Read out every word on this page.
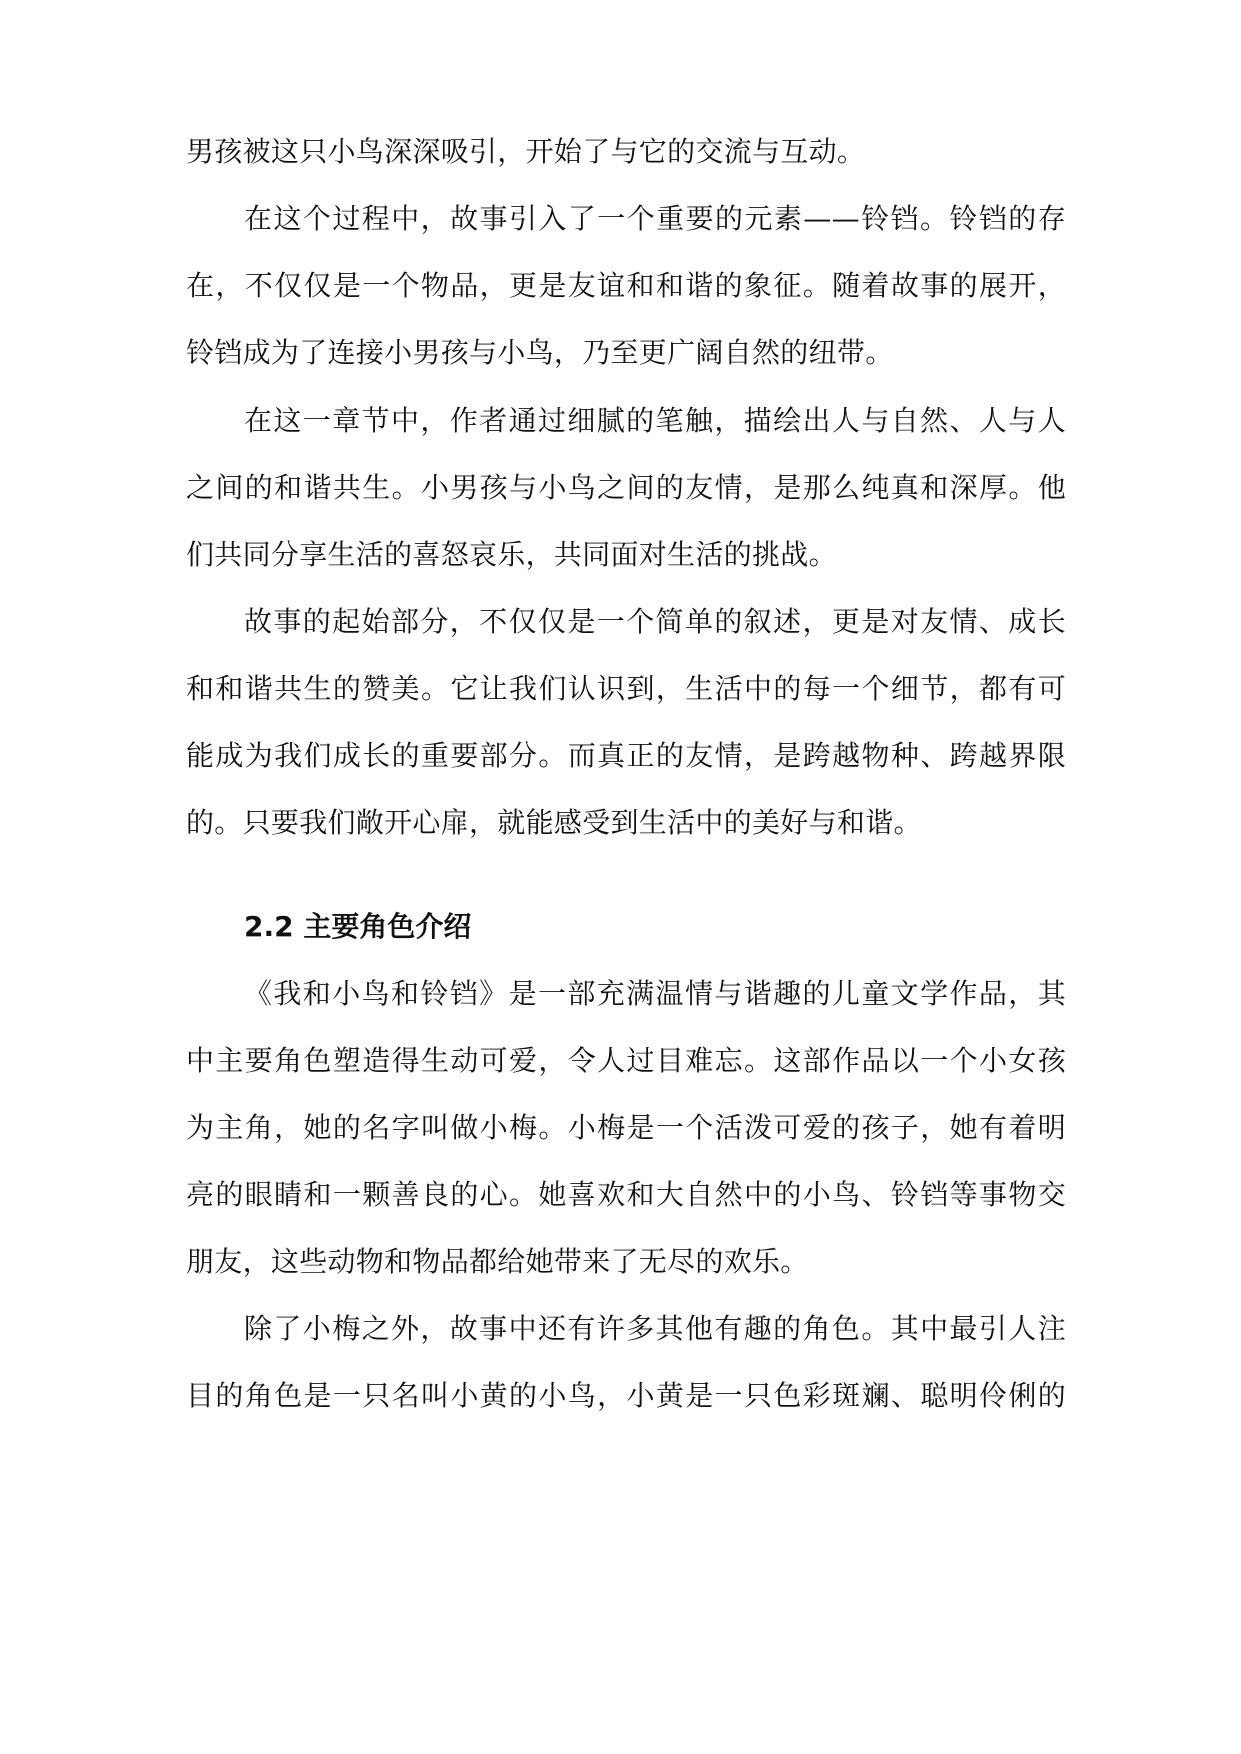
男孩被这只小鸟深深吸引，开始了与它的交流与互动。
在这个过程中，故事引入了一个重要的元素——铃铛。铃铛的存
在，不仅仅是一个物品，更是友谊和和谐的象征。随着故事的展开，
铃铛成为了连接小男孩与小鸟，乃至更广阔自然的纽带。
在这一章节中，作者通过细腻的笔触，描绘出人与自然、人与人
之间的和谐共生。小男孩与小鸟之间的友情，是那么纯真和深厚。他
们共同分享生活的喜怒哀乐，共同面对生活的挑战。
故事的起始部分，不仅仅是一个简单的叙述，更是对友情、成长
和和谐共生的赞美。它让我们认识到，生活中的每一个细节，都有可
能成为我们成长的重要部分。而真正的友情，是跨越物种、跨越界限
的。只要我们敞开心扉，就能感受到生活中的美好与和谐。
2.2 主要角色介绍
《我和小鸟和铃铛》是一部充满温情与谐趣的儿童文学作品，其
中主要角色塑造得生动可爱，令人过目难忘。这部作品以一个小女孩
为主角，她的名字叫做小梅。小梅是一个活泼可爱的孩子，她有着明
亮的眼睛和一颗善良的心。她喜欢和大自然中的小鸟、铃铛等事物交
朋友，这些动物和物品都给她带来了无尽的欢乐。
除了小梅之外，故事中还有许多其他有趣的角色。其中最引人注
目的角色是一只名叫小黄的小鸟，小黄是一只色彩斑斓、聪明伶俐的
